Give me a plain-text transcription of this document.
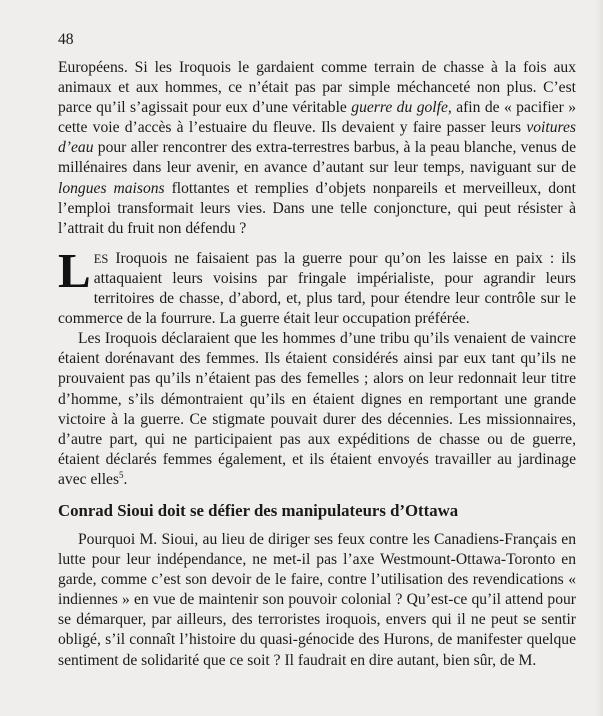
48

Européens. Si les Iroquois le gardaient comme terrain de chasse à la fois aux animaux et aux hommes, ce n’était pas par simple méchanceté non plus. C’est parce qu’il s’agissait pour eux d’une véritable guerre du golfe, afin de « pacifier » cette voie d’accès à l’estuaire du fleuve. Ils devaient y faire passer leurs voitures d’eau pour aller rencontrer des extra-terrestres barbus, à la peau blanche, venus de millénaires dans leur avenir, en avance d’autant sur leur temps, naviguant sur de longues maisons flottantes et remplies d’objets nonpareils et merveilleux, dont l’emploi transformait leurs vies. Dans une telle conjoncture, qui peut résister à l’attrait du fruit non défendu ?

LES Iroquois ne faisaient pas la guerre pour qu’on les laisse en paix : ils attaquaient leurs voisins par fringale impérialiste, pour agrandir leurs territoires de chasse, d’abord, et, plus tard, pour étendre leur contrôle sur le commerce de la fourrure. La guerre était leur occupation préférée.

Les Iroquois déclaraient que les hommes d’une tribu qu’ils venaient de vaincre étaient dorénavant des femmes. Ils étaient considérés ainsi par eux tant qu’ils ne prouvaient pas qu’ils n’étaient pas des femelles ; alors on leur redonnait leur titre d’homme, s’ils démontraient qu’ils en étaient dignes en remportant une grande victoire à la guerre. Ce stigmate pouvait durer des décennies. Les missionnaires, d’autre part, qui ne participaient pas aux expéditions de chasse ou de guerre, étaient déclarés femmes également, et ils étaient envoyés travailler au jardinage avec elles$^5$.

Conrad Sioui doit se défier des manipulateurs d’Ottawa

Pourquoi M. Sioui, au lieu de diriger ses feux contre les Canadiens-Français en lutte pour leur indépendance, ne met-il pas l’axe Westmount-Ottawa-Toronto en garde, comme c’est son devoir de le faire, contre l’utilisation des revendications « indiennes » en vue de maintenir son pouvoir colonial ? Qu’est-ce qu’il attend pour se démarquer, par ailleurs, des terroristes iroquois, envers qui il ne peut se sentir obligé, s’il connaît l’histoire du quasi-génocide des Hurons, de manifester quelque sentiment de solidarité que ce soit ? Il faudrait en dire autant, bien sûr, de M.
